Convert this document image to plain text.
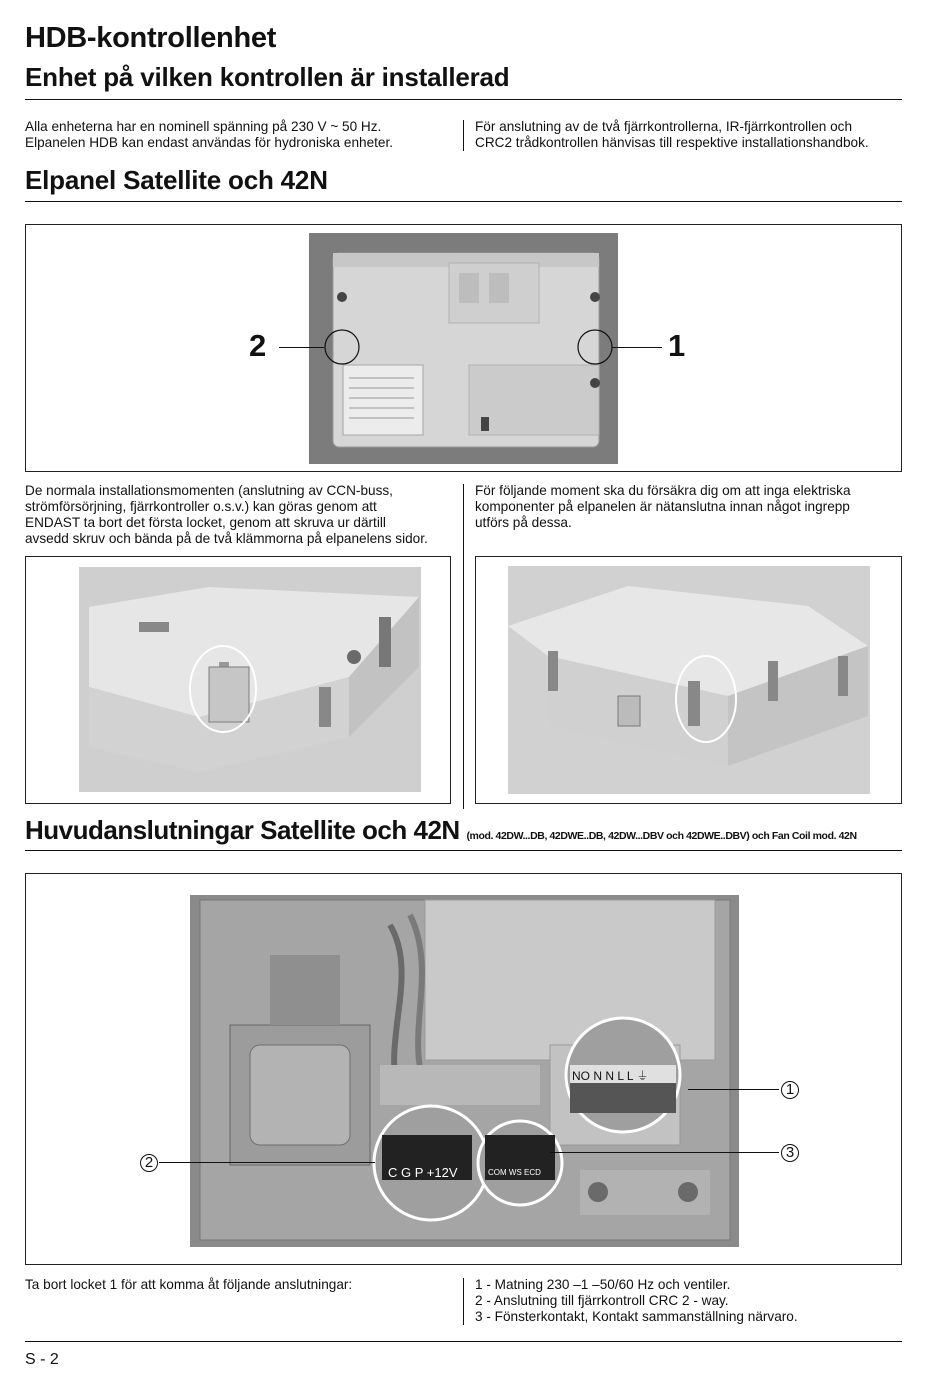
HDB-kontrollenhet
Enhet på vilken kontrollen är installerad
Alla enheterna har en nominell spänning på 230 V ~ 50 Hz.
Elpanelen HDB kan endast användas för hydroniska enheter.
För anslutning av de två fjärrkontrollerna, IR-fjärrkontrollen och
CRC2 trådkontrollen hänvisas till respektive installationshandbok.
Elpanel Satellite och 42N
2	1
De normala installationsmomenten (anslutning av CCN-buss,
strömförsörjning, fjärrkontroller o.s.v.) kan göras genom att
ENDAST ta bort det första locket, genom att skruva ur därtill
avsedd skruv och bända på de två klämmorna på elpanelens sidor.
För följande moment ska du försäkra dig om att inga elektriska
komponenter på elpanelen är nätanslutna innan något ingrepp
utförs på dessa.
Huvudanslutningar Satellite och 42N (mod. 42DW...DB, 42DWE..DB, 42DW...DBV och 42DWE..DBV) och Fan Coil mod. 42N
NO N N L L ⏚
C G P +12V	COM WS ECD
1
2
3
Ta bort locket 1 för att komma åt följande anslutningar:	1 - Matning 230 –1 –50/60 Hz och ventiler.
2 - Anslutning till fjärrkontroll CRC 2 - way.
3 - Fönsterkontakt, Kontakt sammanställning närvaro.
S - 2
